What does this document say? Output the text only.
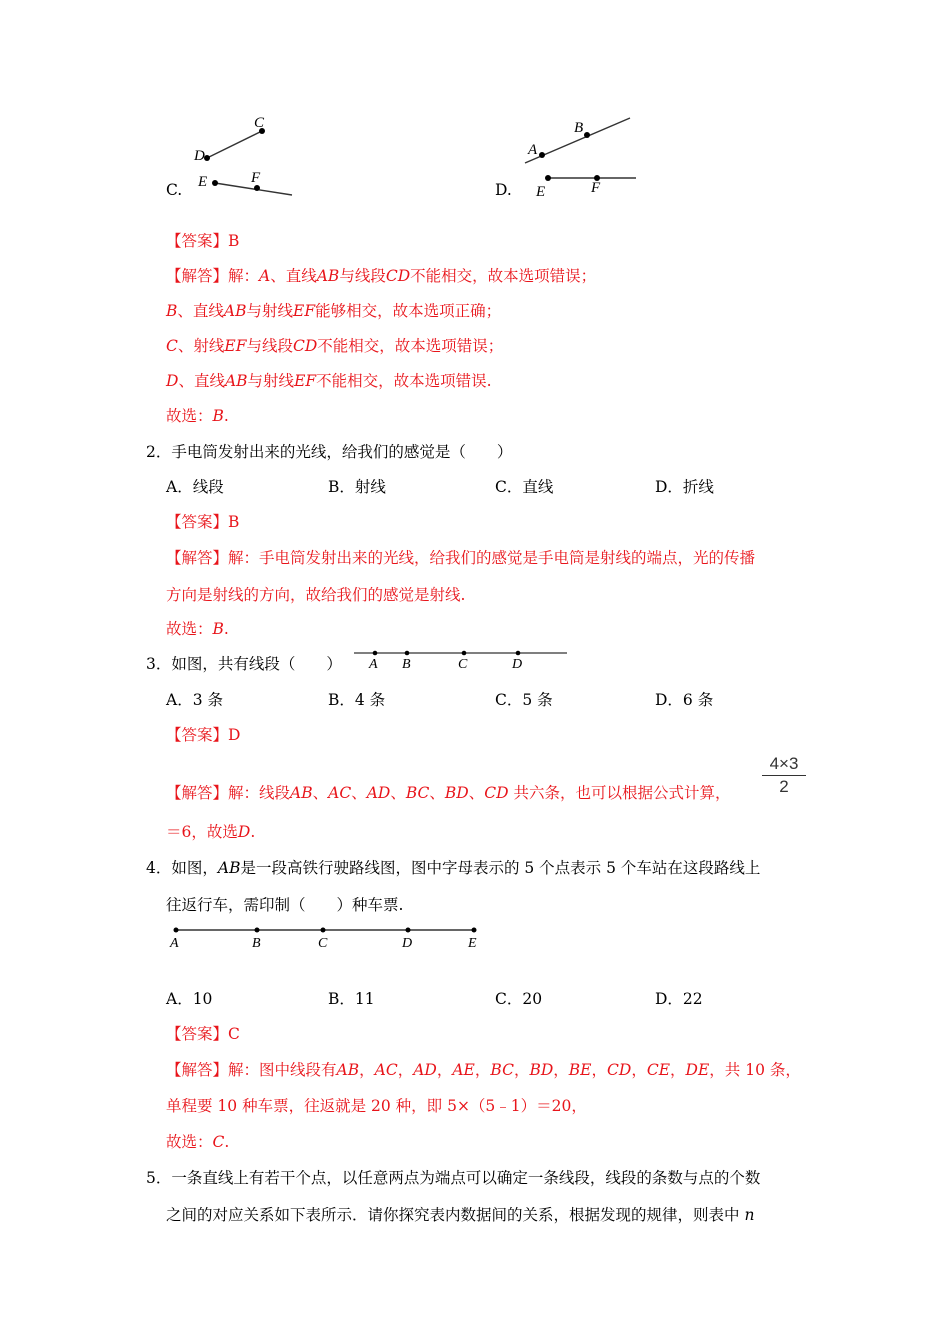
C
D
E	F
C.
A
B
E	F
D.
【答案】B
【解答】解：A、直线AB与线段CD不能相交，故本选项错误；
B、直线AB与射线EF能够相交，故本选项正确；
C、射线EF与线段CD不能相交，故本选项错误；
D、直线AB与射线EF不能相交，故本选项错误.
故选：B.
2．手电筒发射出来的光线，给我们的感觉是（　　）
A．线段	B．射线	C．直线	D．折线
【答案】B
【解答】解：手电筒发射出来的光线，给我们的感觉是手电筒是射线的端点，光的传播
方向是射线的方向，故给我们的感觉是射线.
故选：B.
3．如图，共有线段（　　） A B	C	D
A．3 条	B．4 条	C．5 条	D．6 条
【答案】D
【解答】解：线段AB、AC、AD、BC、BD、CD 共六条，也可以根据公式计算，
4×3
2
＝6，故选D.
4．如图，AB是一段高铁行驶路线图，图中字母表示的 5 个点表示 5 个车站在这段路线上
往返行车，需印制（　　）种车票.
A	B	C	D	E
A．10	B．11	C．20	D．22
【答案】C
【解答】解：图中线段有AB，AC，AD，AE，BC，BD，BE，CD，CE，DE，共 10 条，
单程要 10 种车票，往返就是 20 种，即 5×（5﹣1）＝20，
故选：C.
5．一条直线上有若干个点，以任意两点为端点可以确定一条线段，线段的条数与点的个数
之间的对应关系如下表所示．请你探究表内数据间的关系，根据发现的规律，则表中 n
